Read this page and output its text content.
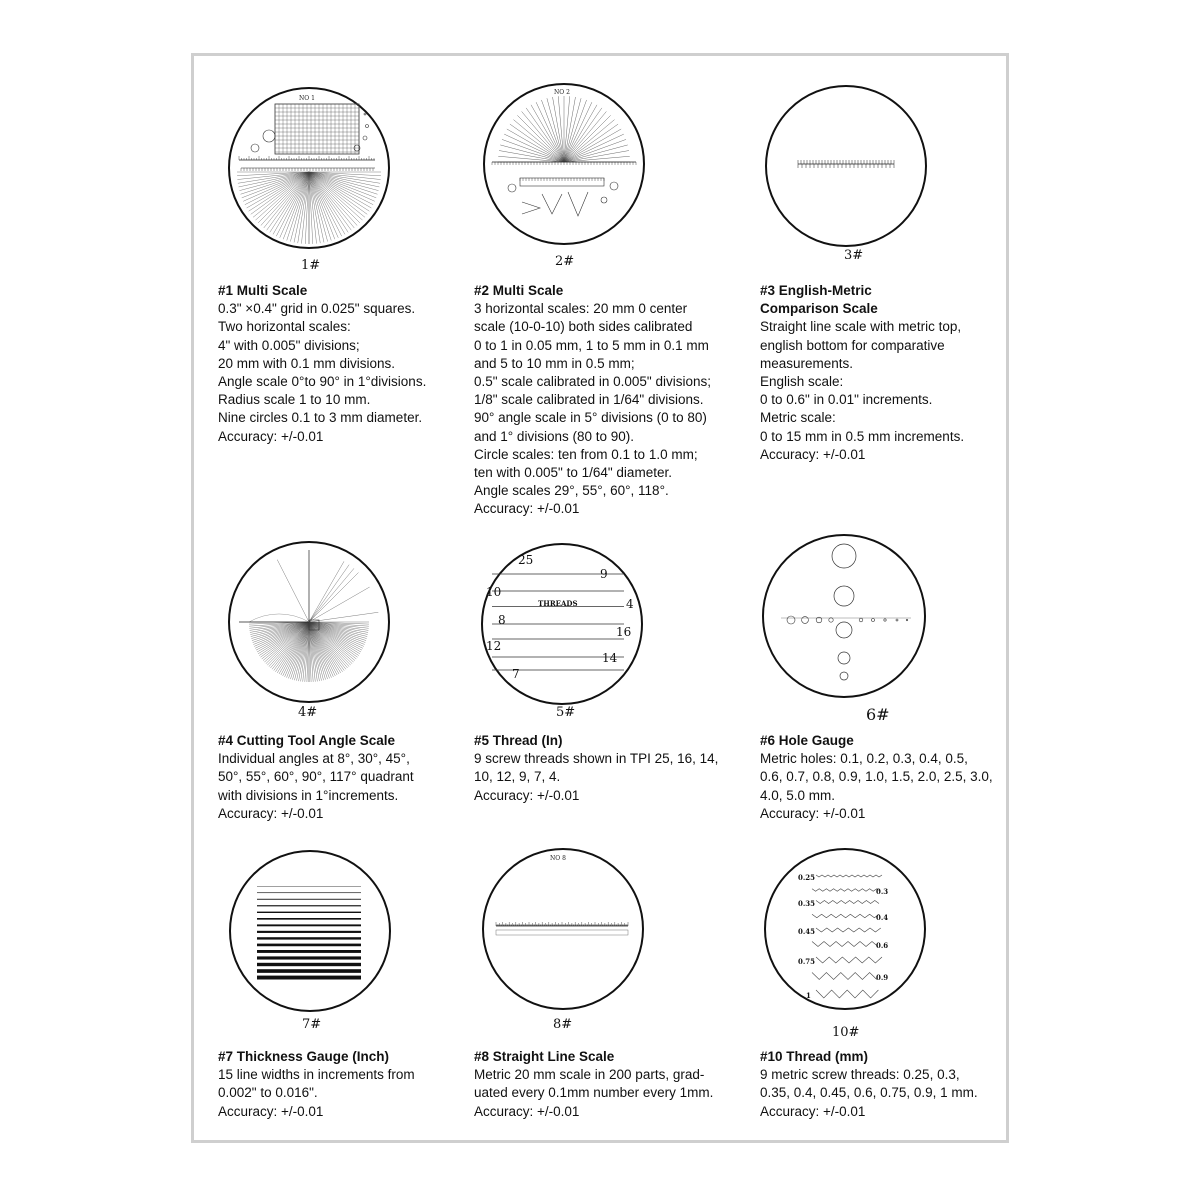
NO 1
1#
#1 Multi Scale
0.3" ×0.4" grid in 0.025" squares.
Two horizontal scales:
4" with 0.005" divisions;
20 mm with 0.1 mm divisions.
Angle scale 0°to 90° in 1°divisions.
Radius scale 1 to 10 mm.
Nine circles 0.1 to 3 mm diameter.
Accuracy: +/-0.01
NO 2
2#
#2 Multi Scale
3 horizontal scales: 20 mm 0 center
scale (10-0-10) both sides calibrated
0 to 1 in 0.05 mm, 1 to 5 mm in 0.1 mm
and 5 to 10 mm in 0.5 mm;
0.5" scale calibrated in 0.005" divisions;
1/8" scale calibrated in 1/64" divisions.
90° angle scale in 5° divisions (0 to 80)
and 1° divisions (80 to 90).
Circle scales: ten from 0.1 to 1.0 mm;
ten with 0.005" to 1/64" diameter.
Angle scales 29°, 55°, 60°, 118°.
Accuracy: +/-0.01
3#
#3 English-Metric
Comparison Scale
Straight line scale with metric top,
english bottom for comparative
measurements.
English scale:
0 to 0.6" in 0.01" increments.
Metric scale:
0 to 15 mm in 0.5 mm increments.
Accuracy: +/-0.01
4#
#4 Cutting Tool Angle Scale
Individual angles at 8°, 30°, 45°,
50°, 55°, 60°, 90°, 117° quadrant
with divisions in 1°increments.
Accuracy: +/-0.01
25
9
10
4
THREADS
8
16
12
14
7
5#
#5 Thread (In)
9 screw threads shown in TPI 25, 16, 14,
10, 12, 9, 7, 4.
Accuracy: +/-0.01
6#
#6 Hole Gauge
Metric holes: 0.1, 0.2, 0.3, 0.4, 0.5,
0.6, 0.7, 0.8, 0.9, 1.0, 1.5, 2.0, 2.5, 3.0,
4.0, 5.0 mm.
Accuracy: +/-0.01
7#
#7 Thickness Gauge (Inch)
15 line widths in increments from
0.002" to 0.016".
Accuracy: +/-0.01
NO 8
8#
#8 Straight Line Scale
Metric 20 mm scale in 200 parts, grad-
uated every 0.1mm number every 1mm.
Accuracy: +/-0.01
0.25
0.3
0.35
0.4
0.45
0.6
0.75
0.9
1
10#
#10 Thread (mm)
9 metric screw threads: 0.25, 0.3,
0.35, 0.4, 0.45, 0.6, 0.75, 0.9, 1 mm.
Accuracy: +/-0.01
